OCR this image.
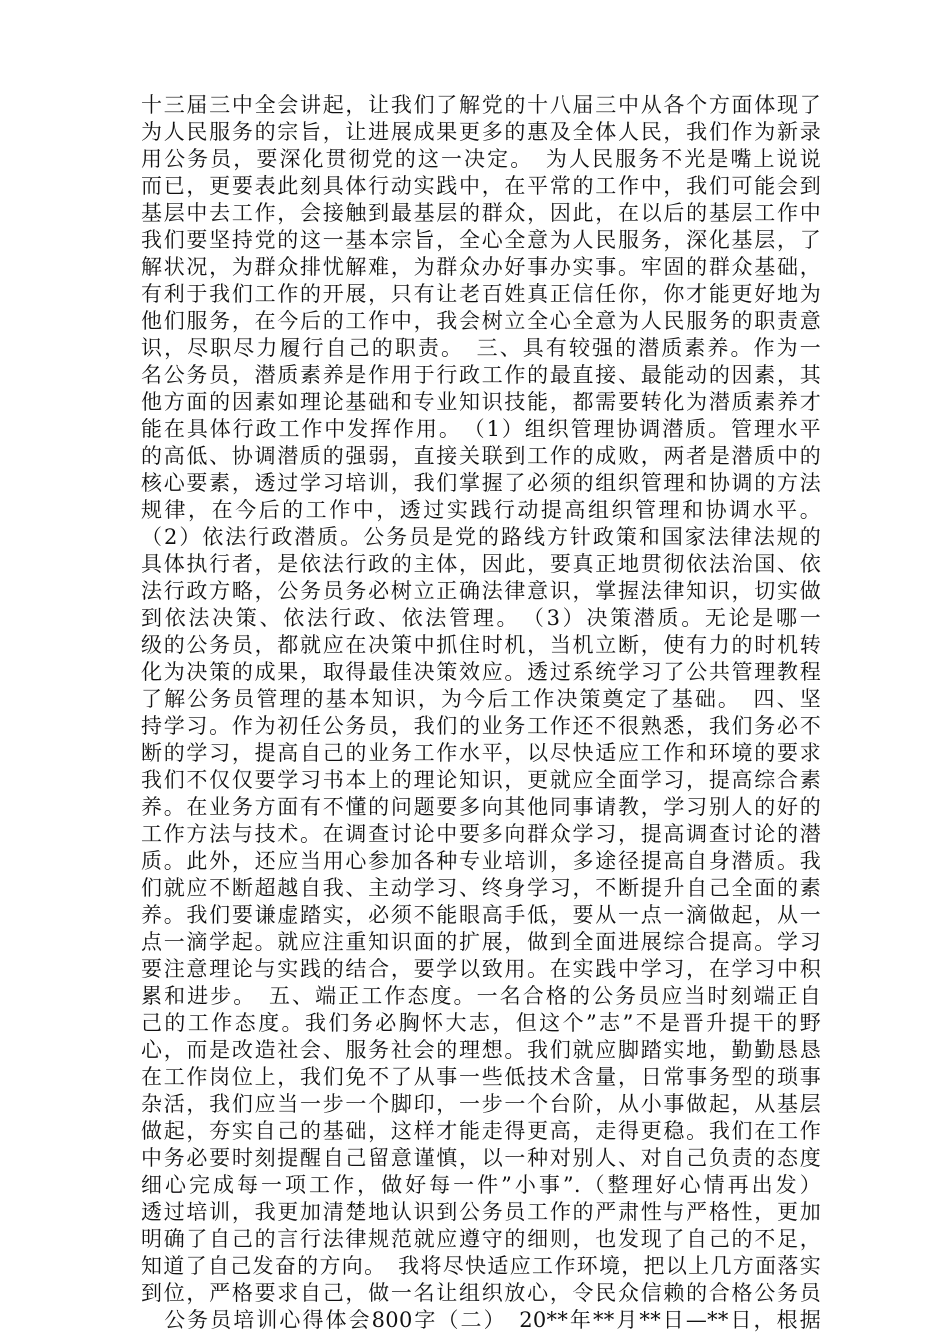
十三届三中全会讲起，让我们了解党的十八届三中从各个方面体现了
为人民服务的宗旨，让进展成果更多的惠及全体人民，我们作为新录
用公务员，要深化贯彻党的这一决定。　为人民服务不光是嘴上说说
而已，更要表此刻具体行动实践中，在平常的工作中，我们可能会到
基层中去工作，会接触到最基层的群众，因此，在以后的基层工作中
我们要坚持党的这一基本宗旨，全心全意为人民服务，深化基层，了
解状况，为群众排忧解难，为群众办好事办实事。牢固的群众基础，
有利于我们工作的开展，只有让老百姓真正信任你，你才能更好地为
他们服务，在今后的工作中，我会树立全心全意为人民服务的职责意
识，尽职尽力履行自己的职责。　三、具有较强的潜质素养。作为一
名公务员，潜质素养是作用于行政工作的最直接、最能动的因素，其
他方面的因素如理论基础和专业知识技能，都需要转化为潜质素养才
能在具体行政工作中发挥作用。　（1）组织管理协调潜质。管理水平
的高低、协调潜质的强弱，直接关联到工作的成败，两者是潜质中的
核心要素，透过学习培训，我们掌握了必须的组织管理和协调的方法
规律，在今后的工作中，透过实践行动提高组织管理和协调水平。
（2）依法行政潜质。公务员是党的路线方针政策和国家法律法规的
具体执行者，是依法行政的主体，因此，要真正地贯彻依法治国、依
法行政方略，公务员务必树立正确法律意识，掌握法律知识，切实做
到依法决策、依法行政、依法管理。　（3）决策潜质。无论是哪一
级的公务员，都就应在决策中抓住时机，当机立断，使有力的时机转
化为决策的成果，取得最佳决策效应。透过系统学习了公共管理教程
了解公务员管理的基本知识，为今后工作决策奠定了基础。　四、坚
持学习。作为初任公务员，我们的业务工作还不很熟悉，我们务必不
断的学习，提高自己的业务工作水平，以尽快适应工作和环境的要求
我们不仅仅要学习书本上的理论知识，更就应全面学习，提高综合素
养。在业务方面有不懂的问题要多向其他同事请教，学习别人的好的
工作方法与技术。在调查讨论中要多向群众学习，提高调查讨论的潜
质。此外，还应当用心参加各种专业培训，多途径提高自身潜质。我
们就应不断超越自我、主动学习、终身学习，不断提升自己全面的素
养。我们要谦虚踏实，必须不能眼高手低，要从一点一滴做起，从一
点一滴学起。就应注重知识面的扩展，做到全面进展综合提高。学习
要注意理论与实践的结合，要学以致用。在实践中学习，在学习中积
累和进步。　五、端正工作态度。一名合格的公务员应当时刻端正自
己的工作态度。我们务必胸怀大志，但这个”志”不是晋升提干的野
心，而是改造社会、服务社会的理想。我们就应脚踏实地，勤勤恳恳
在工作岗位上，我们免不了从事一些低技术含量，日常事务型的琐事
杂活，我们应当一步一个脚印，一步一个台阶，从小事做起，从基层
做起，夯实自己的基础，这样才能走得更高，走得更稳。我们在工作
中务必要时刻提醒自己留意谨慎，以一种对别人、对自己负责的态度
细心完成每一项工作，做好每一件”小事”.（整理好心情再出发）
透过培训，我更加清楚地认识到公务员工作的严肃性与严格性，更加
明确了自己的言行法律规范就应遵守的细则，也发现了自己的不足，
知道了自己发奋的方向。　我将尽快适应工作环境，把以上几方面落实
到位，严格要求自己，做一名让组织放心，令民众信赖的合格公务员
　公务员培训心得体会800字（二）　20**年**月**日—**日，根据
